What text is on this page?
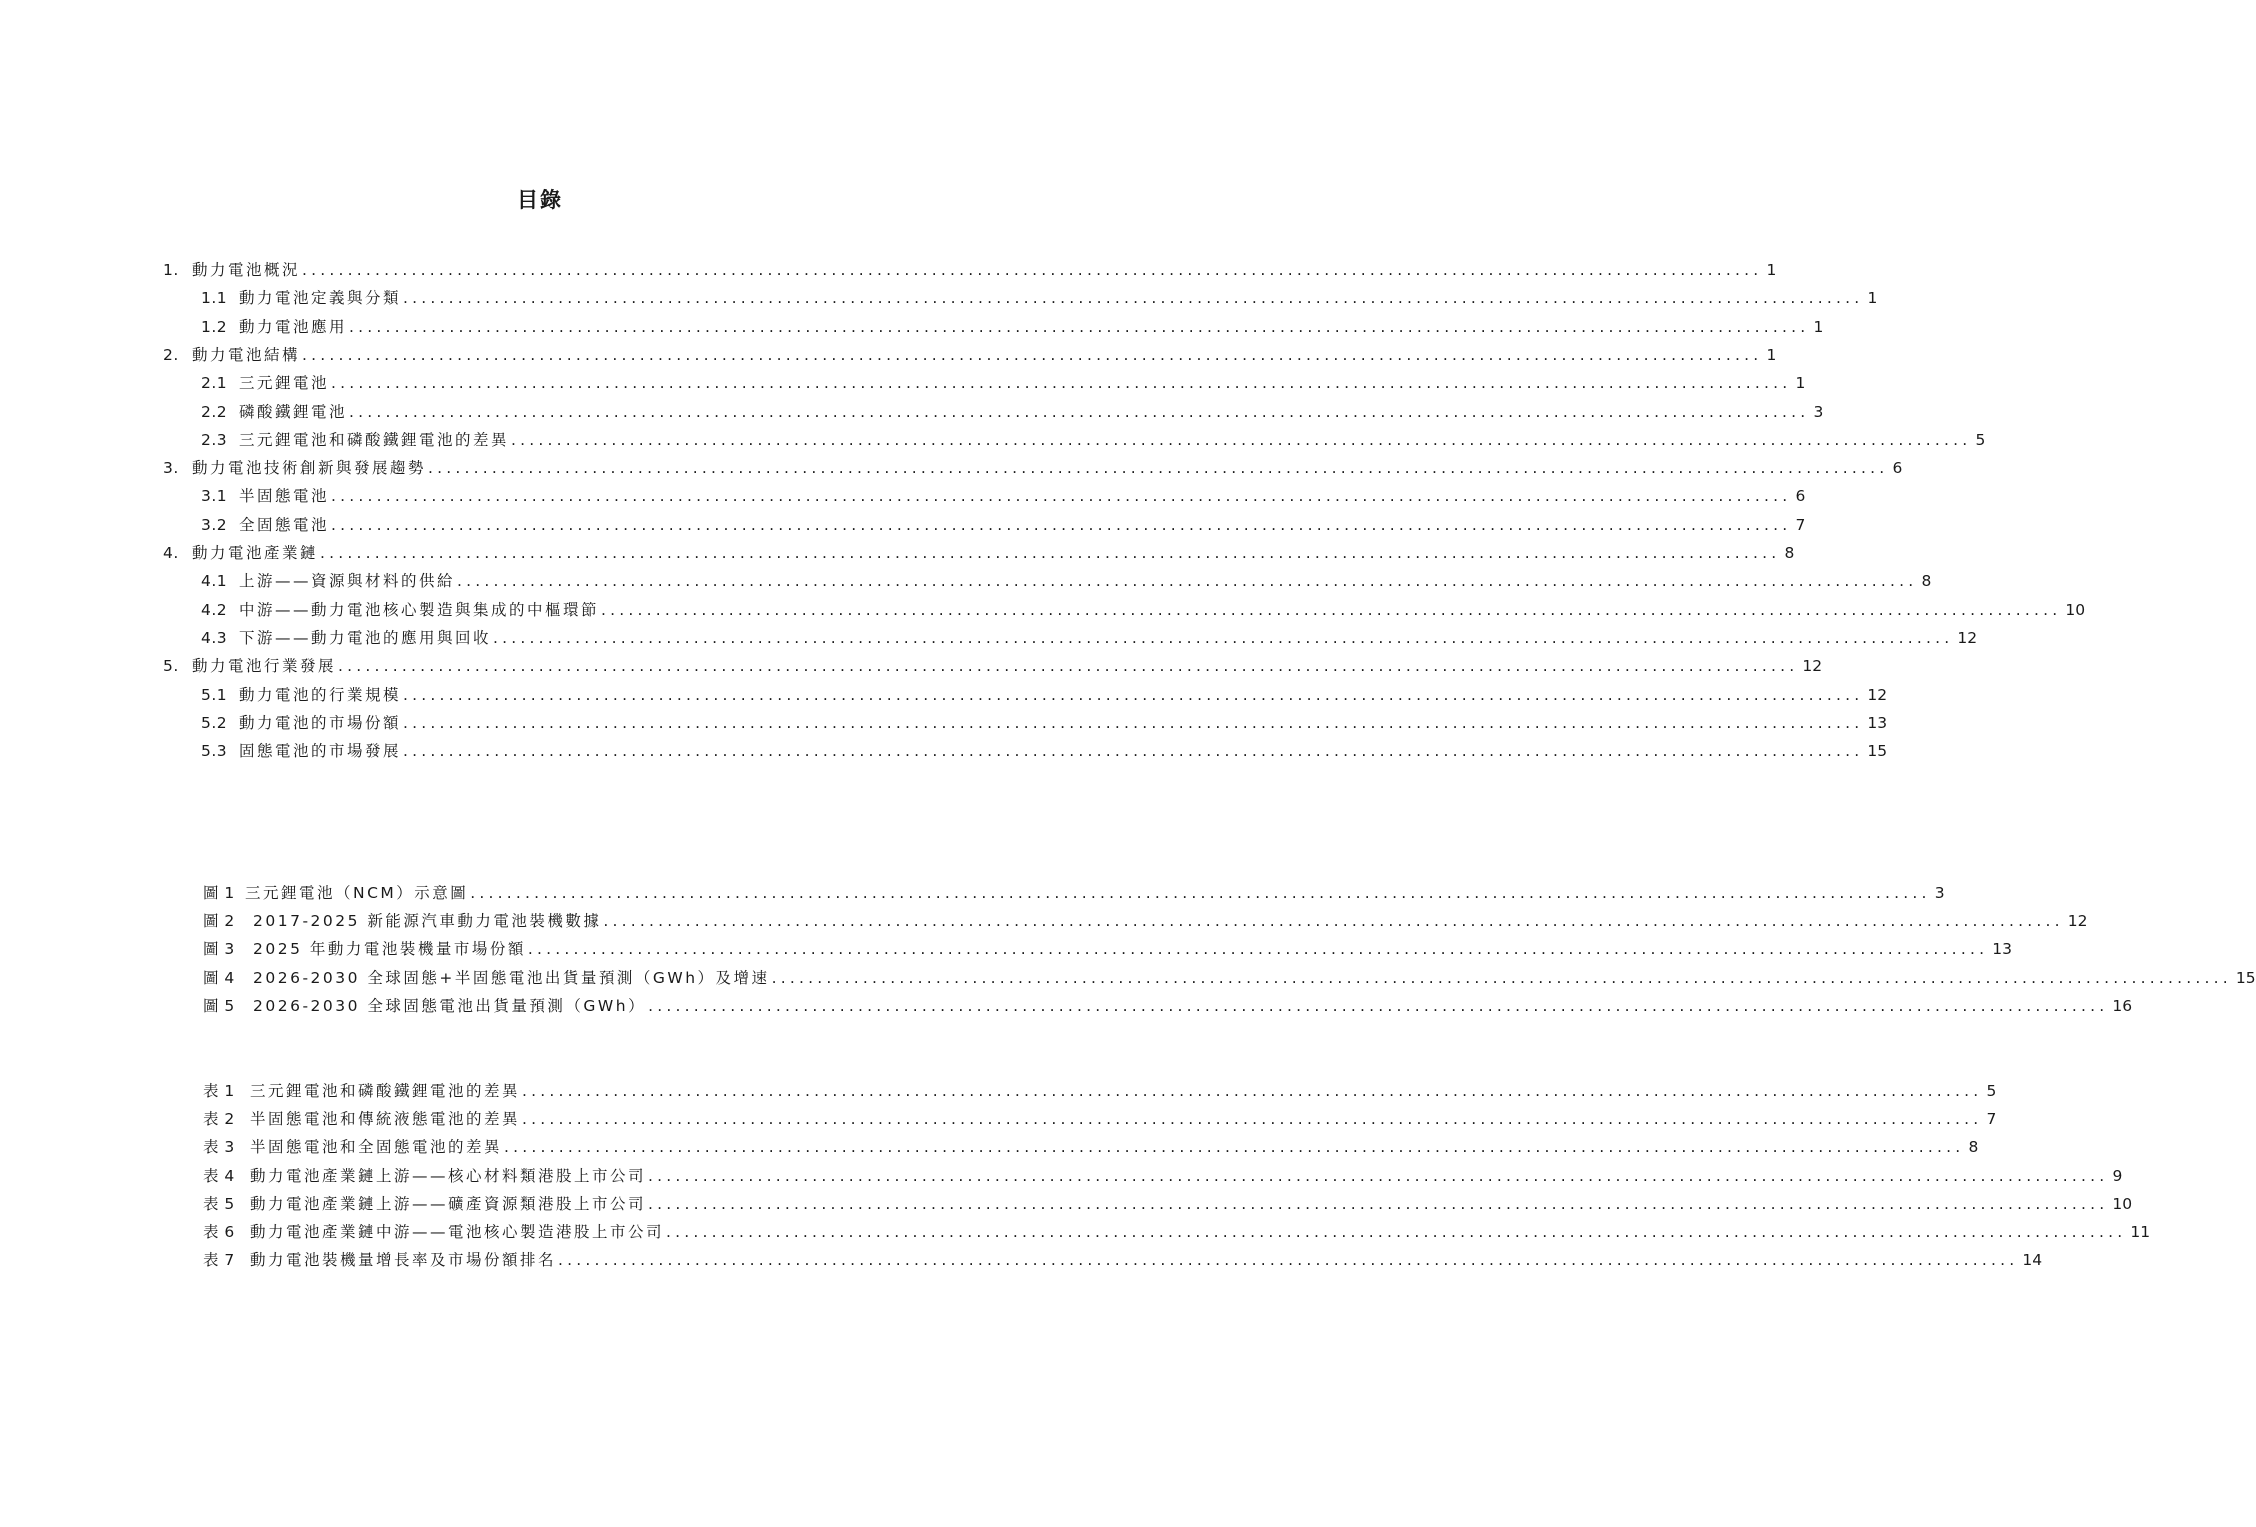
目錄
1. 動力電池概況 ................................................................................................................................................................ 1
1.1 動力電池定義與分類 ................................................................................................................................................................ 1
1.2 動力電池應用 ................................................................................................................................................................ 1
2. 動力電池結構 ................................................................................................................................................................ 1
2.1 三元鋰電池 ................................................................................................................................................................ 1
2.2 磷酸鐵鋰電池 ................................................................................................................................................................ 3
2.3 三元鋰電池和磷酸鐵鋰電池的差異 ................................................................................................................................................................ 5
3. 動力電池技術創新與發展趨勢 ................................................................................................................................................................ 6
3.1 半固態電池 ................................................................................................................................................................ 6
3.2 全固態電池 ................................................................................................................................................................ 7
4. 動力電池產業鏈 ................................................................................................................................................................ 8
4.1 上游——資源與材料的供給 ................................................................................................................................................................ 8
4.2 中游——動力電池核心製造與集成的中樞環節 ................................................................................................................................................................ 10
4.3 下游——動力電池的應用與回收 ................................................................................................................................................................ 12
5. 動力電池行業發展 ................................................................................................................................................................ 12
5.1 動力電池的行業規模 ................................................................................................................................................................ 12
5.2 動力電池的市場份額 ................................................................................................................................................................ 13
5.3 固態電池的市場發展 ................................................................................................................................................................ 15
圖 1 三元鋰電池（NCM）示意圖 ................................................................................................................................................................ 3
圖 2	2017-2025 新能源汽車動力電池裝機數據 ................................................................................................................................................................ 12
圖 3	2025 年動力電池裝機量市場份額 ................................................................................................................................................................ 13
圖 4	2026-2030 全球固態+半固態電池出貨量預測（GWh）及增速 ................................................................................................................................................................ 15
圖 5	2026-2030 全球固態電池出貨量預測（GWh） ................................................................................................................................................................ 16
表 1 三元鋰電池和磷酸鐵鋰電池的差異 ................................................................................................................................................................ 5
表 2 半固態電池和傳統液態電池的差異 ................................................................................................................................................................ 7
表 3 半固態電池和全固態電池的差異 ................................................................................................................................................................ 8
表 4 動力電池產業鏈上游——核心材料類港股上市公司 ................................................................................................................................................................ 9
表 5 動力電池產業鏈上游——礦產資源類港股上市公司 ................................................................................................................................................................ 10
表 6 動力電池產業鏈中游——電池核心製造港股上市公司 ................................................................................................................................................................ 11
表 7 動力電池裝機量增長率及市場份額排名 ................................................................................................................................................................ 14
